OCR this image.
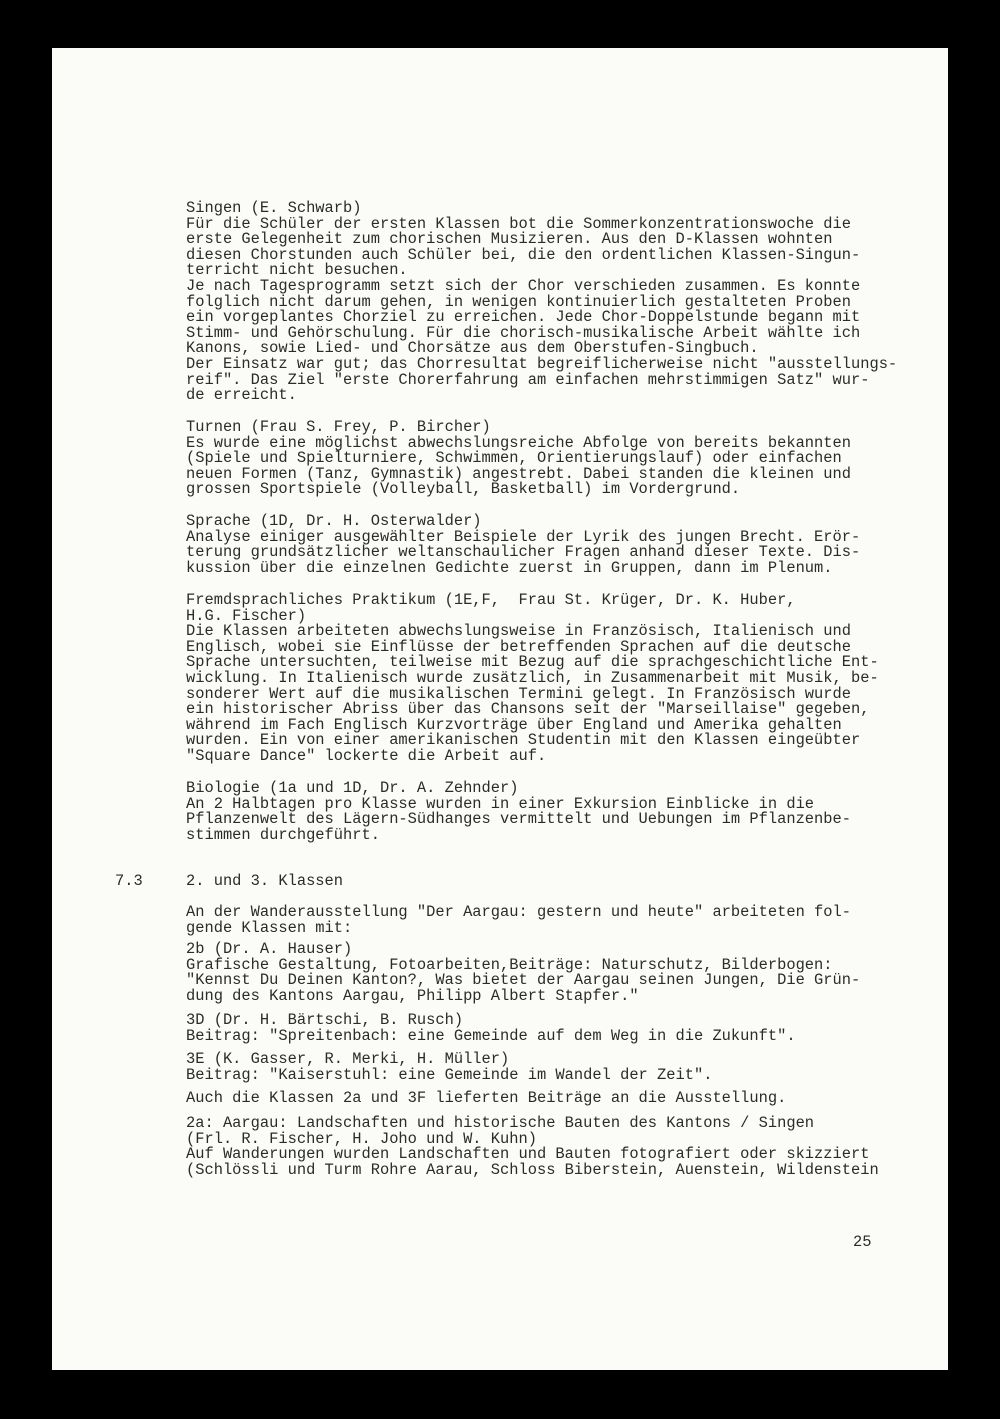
Singen (E. Schwarb)
Für die Schüler der ersten Klassen bot die Sommerkonzentrationswoche die
erste Gelegenheit zum chorischen Musizieren. Aus den D-Klassen wohnten
diesen Chorstunden auch Schüler bei, die den ordentlichen Klassen-Singun-
terricht nicht besuchen.
Je nach Tagesprogramm setzt sich der Chor verschieden zusammen. Es konnte
folglich nicht darum gehen, in wenigen kontinuierlich gestalteten Proben
ein vorgeplantes Chorziel zu erreichen. Jede Chor-Doppelstunde begann mit
Stimm- und Gehörschulung. Für die chorisch-musikalische Arbeit wählte ich
Kanons, sowie Lied- und Chorsätze aus dem Oberstufen-Singbuch.
Der Einsatz war gut; das Chorresultat begreiflicherweise nicht "ausstellungs-
reif". Das Ziel "erste Chorerfahrung am einfachen mehrstimmigen Satz" wur-
de erreicht.
Turnen (Frau S. Frey, P. Bircher)
Es wurde eine möglichst abwechslungsreiche Abfolge von bereits bekannten
(Spiele und Spielturniere, Schwimmen, Orientierungslauf) oder einfachen
neuen Formen (Tanz, Gymnastik) angestrebt. Dabei standen die kleinen und
grossen Sportspiele (Volleyball, Basketball) im Vordergrund.
Sprache (1D, Dr. H. Osterwalder)
Analyse einiger ausgewählter Beispiele der Lyrik des jungen Brecht. Erör-
terung grundsätzlicher weltanschaulicher Fragen anhand dieser Texte. Dis-
kussion über die einzelnen Gedichte zuerst in Gruppen, dann im Plenum.
Fremdsprachliches Praktikum (1E,F,  Frau St. Krüger, Dr. K. Huber,
H.G. Fischer)
Die Klassen arbeiteten abwechslungsweise in Französisch, Italienisch und
Englisch, wobei sie Einflüsse der betreffenden Sprachen auf die deutsche
Sprache untersuchten, teilweise mit Bezug auf die sprachgeschichtliche Ent-
wicklung. In Italienisch wurde zusätzlich, in Zusammenarbeit mit Musik, be-
sonderer Wert auf die musikalischen Termini gelegt. In Französisch wurde
ein historischer Abriss über das Chansons seit der "Marseillaise" gegeben,
während im Fach Englisch Kurzvorträge über England und Amerika gehalten
wurden. Ein von einer amerikanischen Studentin mit den Klassen eingeübter
"Square Dance" lockerte die Arbeit auf.
Biologie (1a und 1D, Dr. A. Zehnder)
An 2 Halbtagen pro Klasse wurden in einer Exkursion Einblicke in die
Pflanzenwelt des Lägern-Südhanges vermittelt und Uebungen im Pflanzenbe-
stimmen durchgeführt.
7.3	2. und 3. Klassen
An der Wanderausstellung "Der Aargau: gestern und heute" arbeiteten fol-
gende Klassen mit:
2b (Dr. A. Hauser)
Grafische Gestaltung, Fotoarbeiten,Beiträge: Naturschutz, Bilderbogen:
"Kennst Du Deinen Kanton?, Was bietet der Aargau seinen Jungen, Die Grün-
dung des Kantons Aargau, Philipp Albert Stapfer."
3D (Dr. H. Bärtschi, B. Rusch)
Beitrag: "Spreitenbach: eine Gemeinde auf dem Weg in die Zukunft".
3E (K. Gasser, R. Merki, H. Müller)
Beitrag: "Kaiserstuhl: eine Gemeinde im Wandel der Zeit".
Auch die Klassen 2a und 3F lieferten Beiträge an die Ausstellung.
2a: Aargau: Landschaften und historische Bauten des Kantons / Singen
(Frl. R. Fischer, H. Joho und W. Kuhn)
Auf Wanderungen wurden Landschaften und Bauten fotografiert oder skizziert
(Schlössli und Turm Rohre Aarau, Schloss Biberstein, Auenstein, Wildenstein
25
